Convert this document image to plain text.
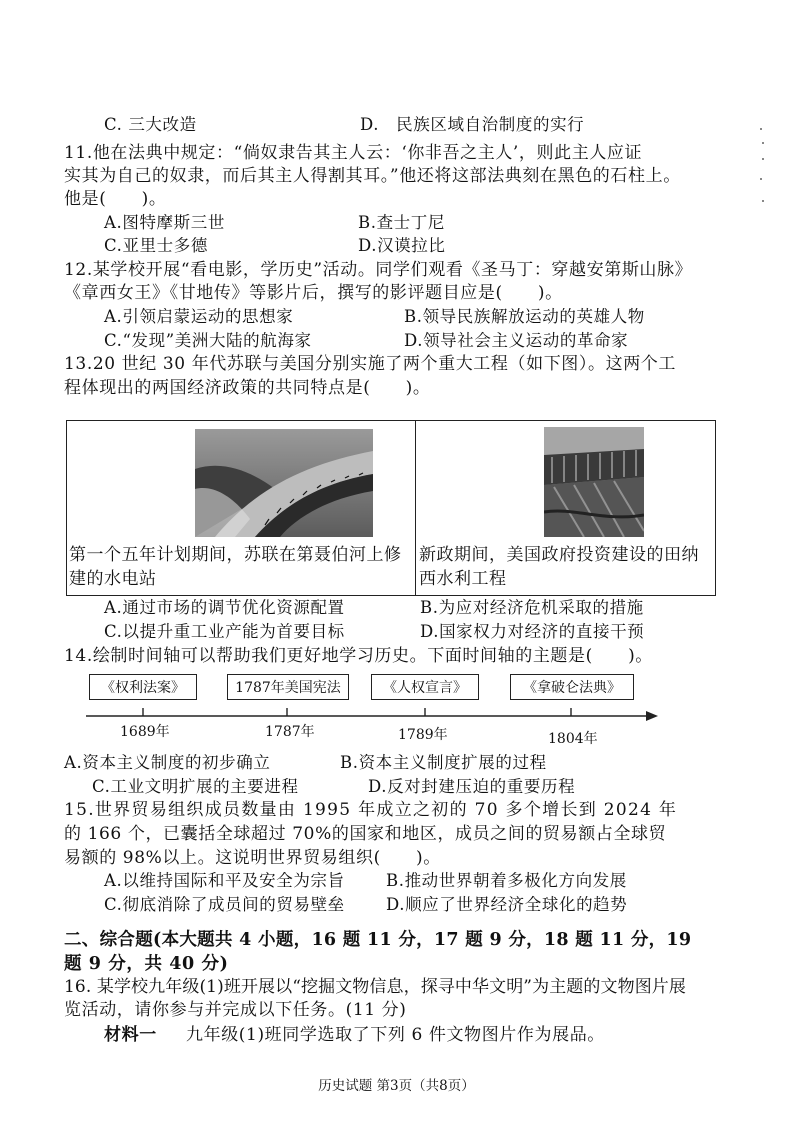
C. 三大改造	D.　民族区域自治制度的实行
11.他在法典中规定：“倘奴隶告其主人云：‘你非吾之主人’，则此主人应证
实其为自己的奴隶，而后其主人得割其耳。”他还将这部法典刻在黑色的石柱上。
他是(　　)。
A.图特摩斯三世	B.查士丁尼
C.亚里士多德	D.汉谟拉比
12.某学校开展“看电影，学历史”活动。同学们观看《圣马丁：穿越安第斯山脉》
《章西女王》《甘地传》等影片后，撰写的影评题目应是(　　)。
A.引领启蒙运动的思想家	B.领导民族解放运动的英雄人物
C.“发现”美洲大陆的航海家	D.领导社会主义运动的革命家
13.20 世纪 30 年代苏联与美国分别实施了两个重大工程（如下图）。这两个工
程体现出的两国经济政策的共同特点是(　　)。
第一个五年计划期间，苏联在第聂伯河上修建的水电站
新政期间，美国政府投资建设的田纳西水利工程
A.通过市场的调节优化资源配置	B.为应对经济危机采取的措施
C.以提升重工业产能为首要目标	D.国家权力对经济的直接干预
14.绘制时间轴可以帮助我们更好地学习历史。下面时间轴的主题是(　　)。
《权利法案》	1787年美国宪法	《人权宣言》	《拿破仑法典》
1689年	1787年	1789年	1804年
A.资本主义制度的初步确立	B.资本主义制度扩展的过程
C.工业文明扩展的主要进程	D.反对封建压迫的重要历程
15.世界贸易组织成员数量由 1995 年成立之初的 70 多个增长到 2024 年
的 166 个，已囊括全球超过 70%的国家和地区，成员之间的贸易额占全球贸
易额的 98%以上。这说明世界贸易组织(　　)。
A.以维持国际和平及安全为宗旨	B.推动世界朝着多极化方向发展
C.彻底消除了成员间的贸易壁垒 D.顺应了世界经济全球化的趋势
二、综合题(本大题共 4 小题，16 题 11 分，17 题 9 分，18 题 11 分，19
题 9 分，共 40 分)
16. 某学校九年级(1)班开展以“挖掘文物信息，探寻中华文明”为主题的文物图片展
览活动，请你参与并完成以下任务。(11 分)
材料一 九年级(1)班同学选取了下列 6 件文物图片作为展品。
历史试题 第3页（共8页）
